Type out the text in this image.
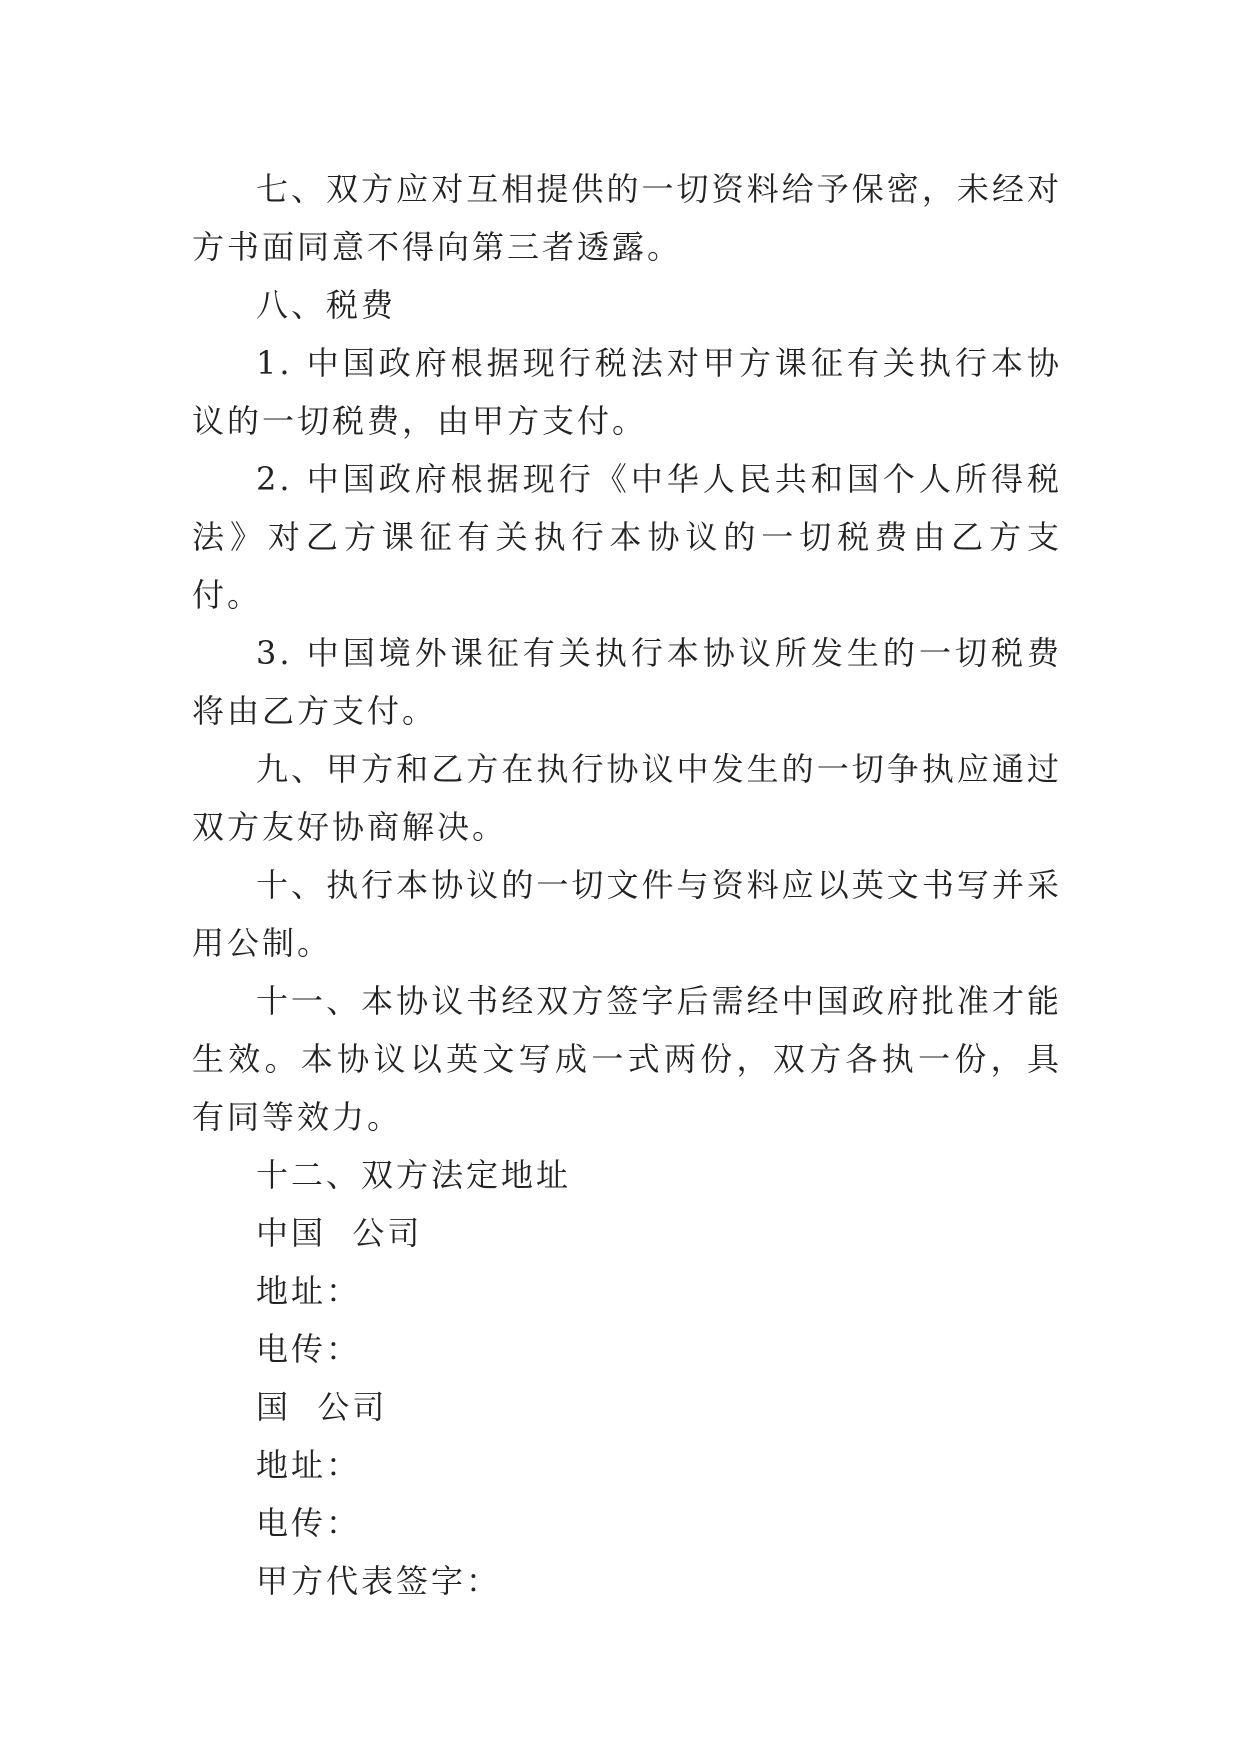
七、双方应对互相提供的一切资料给予保密，未经对方书面同意不得向第三者透露。

八、税费

1. 中国政府根据现行税法对甲方课征有关执行本协议的一切税费，由甲方支付。

2. 中国政府根据现行《中华人民共和国个人所得税法》对乙方课征有关执行本协议的一切税费由乙方支付。

3. 中国境外课征有关执行本协议所发生的一切税费将由乙方支付。

九、甲方和乙方在执行协议中发生的一切争执应通过双方友好协商解决。

十、执行本协议的一切文件与资料应以英文书写并采用公制。

十一、本协议书经双方签字后需经中国政府批准才能生效。本协议以英文写成一式两份，双方各执一份，具有同等效力。

十二、双方法定地址

中国  公司

地址：

电传：

国  公司

地址：

电传：

甲方代表签字：
